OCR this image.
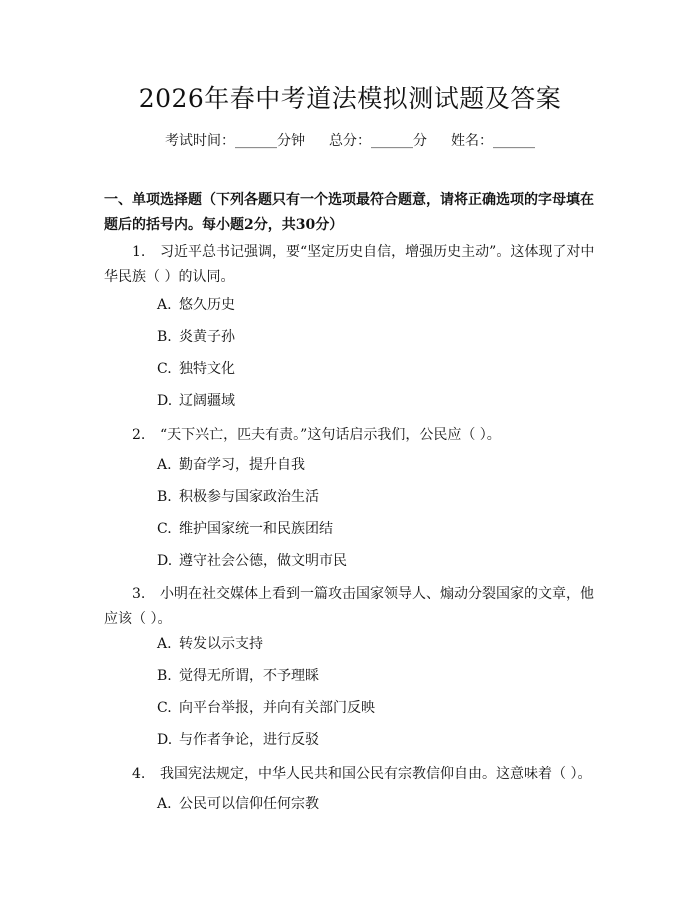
2026年春中考道法模拟测试题及答案
考试时间：______分钟 总分：______分 姓名：______
一、单项选择题（下列各题只有一个选项最符合题意，请将正确选项的字母填在题后的括号内。每小题2分，共30分）
1. 习近平总书记强调，要“坚定历史自信，增强历史主动”。这体现了对中华民族（ ）的认同。
A. 悠久历史
B. 炎黄子孙
C. 独特文化
D. 辽阔疆域
2. “天下兴亡，匹夫有责。”这句话启示我们，公民应（ ）。
A. 勤奋学习，提升自我
B. 积极参与国家政治生活
C. 维护国家统一和民族团结
D. 遵守社会公德，做文明市民
3. 小明在社交媒体上看到一篇攻击国家领导人、煽动分裂国家的文章，他应该（ ）。
A. 转发以示支持
B. 觉得无所谓，不予理睬
C. 向平台举报，并向有关部门反映
D. 与作者争论，进行反驳
4. 我国宪法规定，中华人民共和国公民有宗教信仰自由。这意味着（ ）。
A. 公民可以信仰任何宗教
